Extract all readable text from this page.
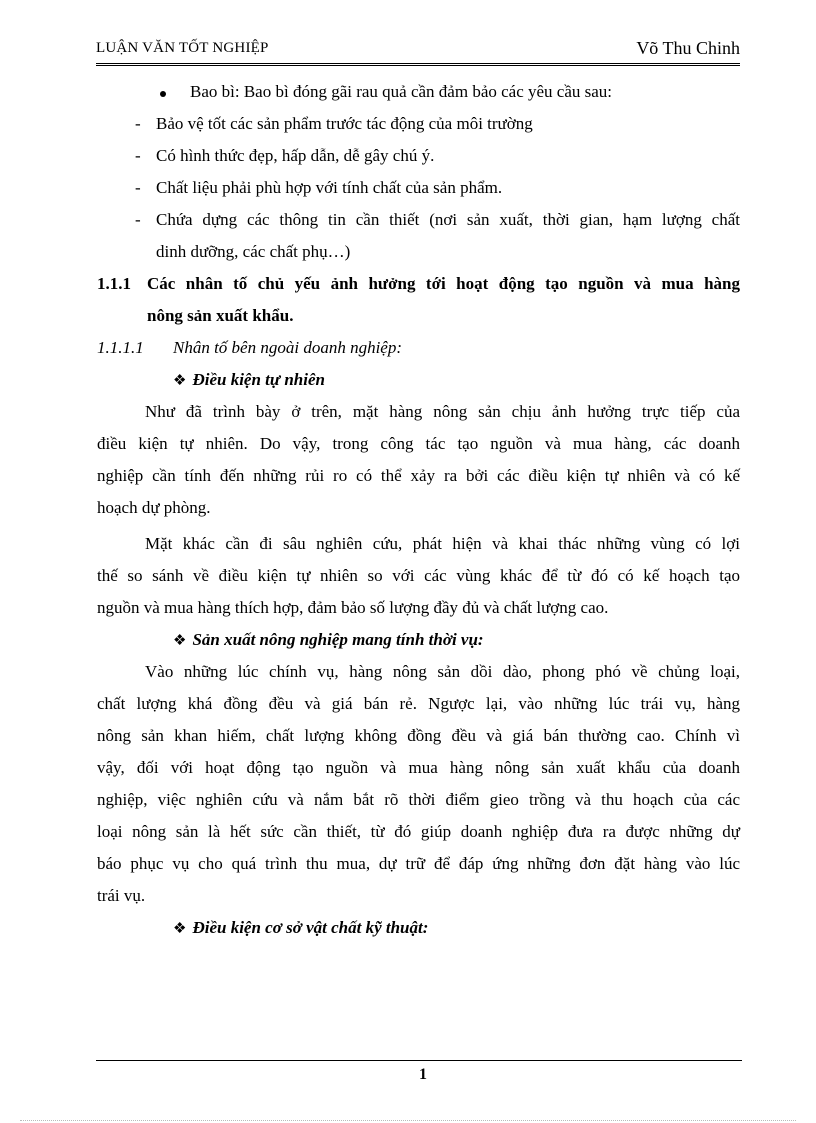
LUẬN VĂN TỐT NGHIỆP	Võ Thu Chinh
Bao bì: Bao bì đóng gãi rau quả cần đảm bảo các yêu cầu sau:
- Bảo vệ tốt các sản phẩm trước tác động của môi trường
- Có hình thức đẹp, hấp dẫn, dễ gây chú ý.
- Chất liệu phải phù hợp với tính chất của sản phẩm.
- Chứa dựng các thông tin cần thiết (nơi sản xuất, thời gian, hạm lượng chất
dinh dưỡng, các chất phụ…)
1.1.1 Các nhân tố chủ yếu ảnh hưởng tới hoạt động tạo nguồn và mua hàng
nông sản xuất khẩu.
1.1.1.1 Nhân tố bên ngoài doanh nghiệp:
❖ Điều kiện tự nhiên
Như đã trình bày ở trên, mặt hàng nông sản chịu ảnh hưởng trực tiếp của
điều kiện tự nhiên. Do vậy, trong công tác tạo nguồn và mua hàng, các doanh
nghiệp cần tính đến những rủi ro có thể xảy ra bởi các điều kiện tự nhiên và có kế
hoạch dự phòng.
Mặt khác cần đi sâu nghiên cứu, phát hiện và khai thác những vùng có lợi
thế so sánh về điều kiện tự nhiên so với các vùng khác để từ đó có kế hoạch tạo
nguồn và mua hàng thích hợp, đảm bảo số lượng đầy đủ và chất lượng cao.
❖ Sản xuất nông nghiệp mang tính thời vụ:
Vào những lúc chính vụ, hàng nông sản dồi dào, phong phó về chủng loại,
chất lượng khá đồng đều và giá bán rẻ. Ngược lại, vào những lúc trái vụ, hàng
nông sản khan hiếm, chất lượng không đồng đều và giá bán thường cao. Chính vì
vậy, đối với hoạt động tạo nguồn và mua hàng nông sản xuất khẩu của doanh
nghiệp, việc nghiên cứu và nắm bắt rõ thời điểm gieo trồng và thu hoạch của các
loại nông sản là hết sức cần thiết, từ đó giúp doanh nghiệp đưa ra được những dự
báo phục vụ cho quá trình thu mua, dự trữ để đáp ứng những đơn đặt hàng vào lúc
trái vụ.
❖ Điều kiện cơ sở vật chất kỹ thuật:
1
